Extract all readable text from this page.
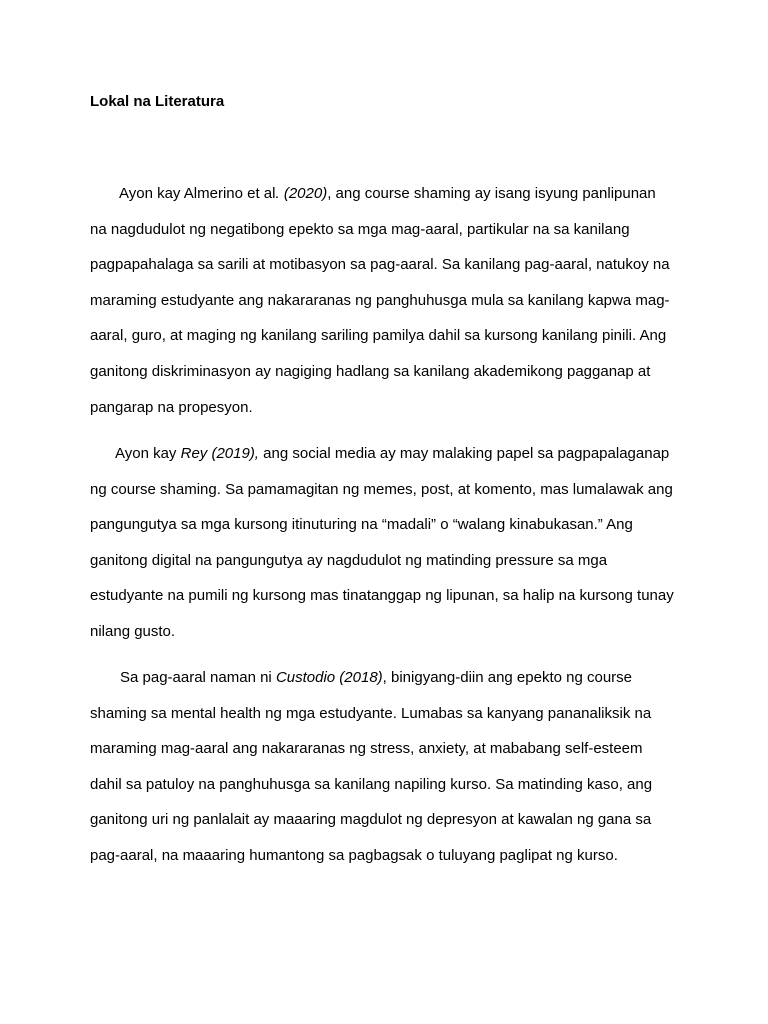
Lokal na Literatura
Ayon kay Almerino et al. (2020), ang course shaming ay isang isyung panlipunan
na nagdudulot ng negatibong epekto sa mga mag-aaral, partikular na sa kanilang
pagpapahalaga sa sarili at motibasyon sa pag-aaral. Sa kanilang pag-aaral, natukoy na
maraming estudyante ang nakararanas ng panghuhusga mula sa kanilang kapwa mag-
aaral, guro, at maging ng kanilang sariling pamilya dahil sa kursong kanilang pinili. Ang
ganitong diskriminasyon ay nagiging hadlang sa kanilang akademikong pagganap at
pangarap na propesyon.
Ayon kay Rey (2019), ang social media ay may malaking papel sa pagpapalaganap
ng course shaming. Sa pamamagitan ng memes, post, at komento, mas lumalawak ang
pangungutya sa mga kursong itinuturing na “madali” o “walang kinabukasan.” Ang
ganitong digital na pangungutya ay nagdudulot ng matinding pressure sa mga
estudyante na pumili ng kursong mas tinatanggap ng lipunan, sa halip na kursong tunay
nilang gusto.
Sa pag-aaral naman ni Custodio (2018), binigyang-diin ang epekto ng course
shaming sa mental health ng mga estudyante. Lumabas sa kanyang pananaliksik na
maraming mag-aaral ang nakararanas ng stress, anxiety, at mababang self-esteem
dahil sa patuloy na panghuhusga sa kanilang napiling kurso. Sa matinding kaso, ang
ganitong uri ng panlalait ay maaaring magdulot ng depresyon at kawalan ng gana sa
pag-aaral, na maaaring humantong sa pagbagsak o tuluyang paglipat ng kurso.
